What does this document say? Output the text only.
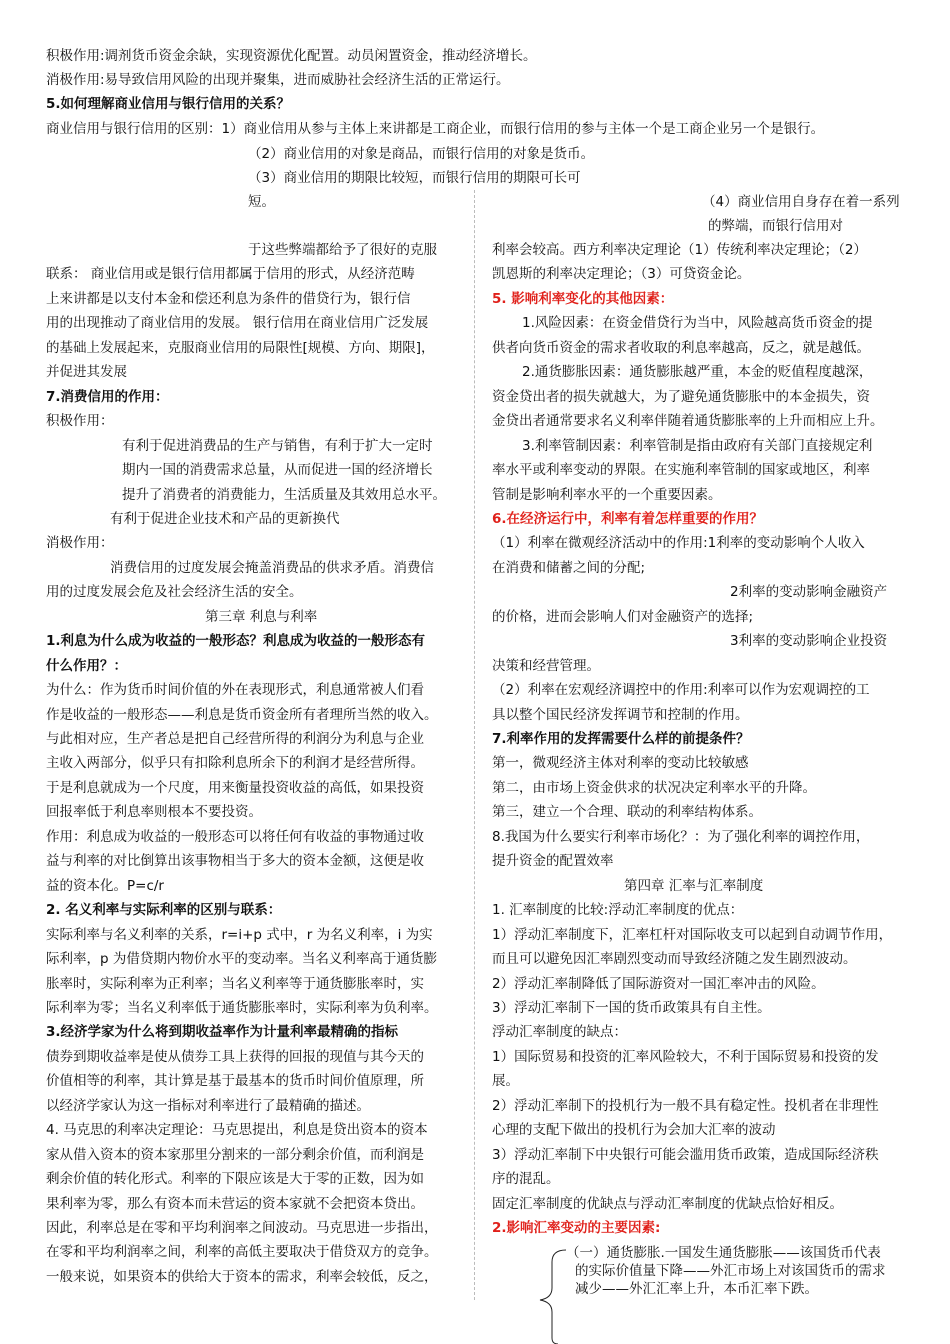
积极作用:调剂货币资金余缺，实现资源优化配置。动员闲置资金，推动经济增长。
消极作用:易导致信用风险的出现并聚集，进而威胁社会经济生活的正常运行。
5.如何理解商业信用与银行信用的关系？
商业信用与银行信用的区别：1）商业信用从参与主体上来讲都是工商企业，而银行信用的参与主体一个是工商企业另一个是银行。
（2）商业信用的对象是商品，而银行信用的对象是货币。
（3）商业信用的期限比较短，而银行信用的期限可长可
短。	（4）商业信用自身存在着一系列
的弊端，而银行信用对
于这些弊端都给予了很好的克服
联系： 商业信用或是银行信用都属于信用的形式，从经济范畴
上来讲都是以支付本金和偿还利息为条件的借贷行为，银行信
用的出现推动了商业信用的发展。 银行信用在商业信用广泛发展
的基础上发展起来，克服商业信用的局限性[规模、方向、期限]，
并促进其发展
7.消费信用的作用：
积极作用：
有利于促进消费品的生产与销售，有利于扩大一定时
期内一国的消费需求总量，从而促进一国的经济增长
提升了消费者的消费能力，生活质量及其效用总水平。
有利于促进企业技术和产品的更新换代
消极作用：
消费信用的过度发展会掩盖消费品的供求矛盾。消费信
用的过度发展会危及社会经济生活的安全。
第三章 利息与利率
1.利息为什么成为收益的一般形态？利息成为收益的一般形态有
什么作用？：
为什么：作为货币时间价值的外在表现形式，利息通常被人们看
作是收益的一般形态——利息是货币资金所有者理所当然的收入。
与此相对应，生产者总是把自己经营所得的利润分为利息与企业
主收入两部分，似乎只有扣除利息所余下的利润才是经营所得。
于是利息就成为一个尺度，用来衡量投资收益的高低，如果投资
回报率低于利息率则根本不要投资。
作用：利息成为收益的一般形态可以将任何有收益的事物通过收
益与利率的对比倒算出该事物相当于多大的资本金额，这便是收
益的资本化。P=c/r
2. 名义利率与实际利率的区别与联系：
实际利率与名义利率的关系，r=i+p 式中，r 为名义利率，i 为实
际利率，p 为借贷期内物价水平的变动率。当名义利率高于通货膨
胀率时，实际利率为正利率；当名义利率等于通货膨胀率时，实
际利率为零；当名义利率低于通货膨胀率时，实际利率为负利率。
3.经济学家为什么将到期收益率作为计量利率最精确的指标
债券到期收益率是使从债券工具上获得的回报的现值与其今天的
价值相等的利率，其计算是基于最基本的货币时间价值原理，所
以经济学家认为这一指标对利率进行了最精确的描述。
4. 马克思的利率决定理论：马克思提出，利息是贷出资本的资本
家从借入资本的资本家那里分割来的一部分剩余价值，而利润是
剩余价值的转化形式。利率的下限应该是大于零的正数，因为如
果利率为零，那么有资本而未营运的资本家就不会把资本贷出。
因此，利率总是在零和平均利润率之间波动。马克思进一步指出，
在零和平均利润率之间，利率的高低主要取决于借贷双方的竞争。
一般来说，如果资本的供给大于资本的需求，利率会较低，反之，
利率会较高。西方利率决定理论（1）传统利率决定理论；（2）
凯恩斯的利率决定理论；（3）可贷资金论。
5. 影响利率变化的其他因素：
1.风险因素：在资金借贷行为当中，风险越高货币资金的提
供者向货币资金的需求者收取的利息率越高，反之，就是越低。
2.通货膨胀因素：通货膨胀越严重，本金的贬值程度越深，
资金贷出者的损失就越大，为了避免通货膨胀中的本金损失，资
金贷出者通常要求名义利率伴随着通货膨胀率的上升而相应上升。
3.利率管制因素：利率管制是指由政府有关部门直接规定利
率水平或利率变动的界限。在实施利率管制的国家或地区，利率
管制是影响利率水平的一个重要因素。
6.在经济运行中，利率有着怎样重要的作用？
（1）利率在微观经济活动中的作用:1利率的变动影响个人收入
在消费和储蓄之间的分配;
2利率的变动影响金融资产
的价格，进而会影响人们对金融资产的选择;
3利率的变动影响企业投资
决策和经营管理。
（2）利率在宏观经济调控中的作用:利率可以作为宏观调控的工
具以整个国民经济发挥调节和控制的作用。
7.利率作用的发挥需要什么样的前提条件？
第一，微观经济主体对利率的变动比较敏感
第二，由市场上资金供求的状况决定利率水平的升降。
第三，建立一个合理、联动的利率结构体系。
8.我国为什么要实行利率市场化？：为了强化利率的调控作用，
提升资金的配置效率
第四章 汇率与汇率制度
1. 汇率制度的比较:浮动汇率制度的优点：
1）浮动汇率制度下，汇率杠杆对国际收支可以起到自动调节作用，
而且可以避免因汇率剧烈变动而导致经济随之发生剧烈波动。
2）浮动汇率制降低了国际游资对一国汇率冲击的风险。
3）浮动汇率制下一国的货币政策具有自主性。
浮动汇率制度的缺点：
1）国际贸易和投资的汇率风险较大，不利于国际贸易和投资的发
展。
2）浮动汇率制下的投机行为一般不具有稳定性。投机者在非理性
心理的支配下做出的投机行为会加大汇率的波动
3）浮动汇率制下中央银行可能会滥用货币政策，造成国际经济秩
序的混乱。
固定汇率制度的优缺点与浮动汇率制度的优缺点恰好相反。
2.影响汇率变动的主要因素:
（一）通货膨胀.一国发生通货膨胀——该国货币代表
的实际价值量下降——外汇市场上对该国货币的需求
减少——外汇汇率上升，本币汇率下跌。
